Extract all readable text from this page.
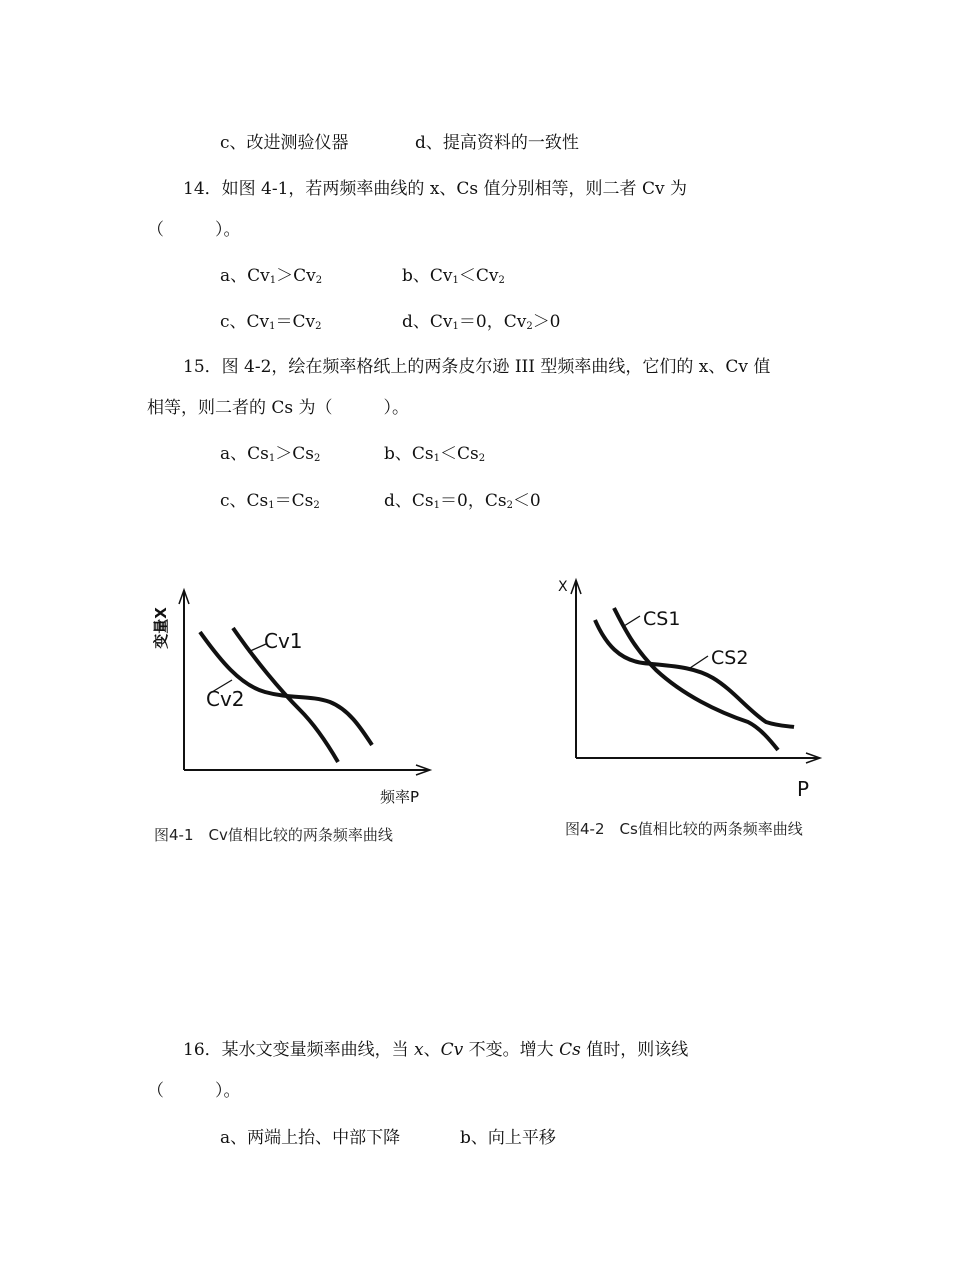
c、改进测验仪器	d、提高资料的一致性
14．如图 4-1，若两频率曲线的 x、Cs 值分别相等，则二者 Cv 为
（　　　）。
a、$Cv_1>Cv_2$	b、$Cv_1<Cv_2$
c、$Cv_1=Cv_2$	d、$Cv_1=0$，$Cv_2>0$
15．图 4-2，绘在频率格纸上的两条皮尔逊 III 型频率曲线，它们的 x、Cv 值
相等，则二者的 Cs 为（　　　）。
a、$Cs_1>Cs_2$	b、$Cs_1<Cs_2$
c、$Cs_1=Cs_2$	d、$Cs_1=0$，$Cs_2<0$
变量X	Cv1
Cv2
频率P
图4-1　Cv值相比较的两条频率曲线
X
CS1
CS2
P
图4-2　Cs值相比较的两条频率曲线
16．某水文变量频率曲线，当 x、Cv 不变。增大 Cs 值时，则该线
（　　　）。
a、两端上抬、中部下降	b、向上平移
